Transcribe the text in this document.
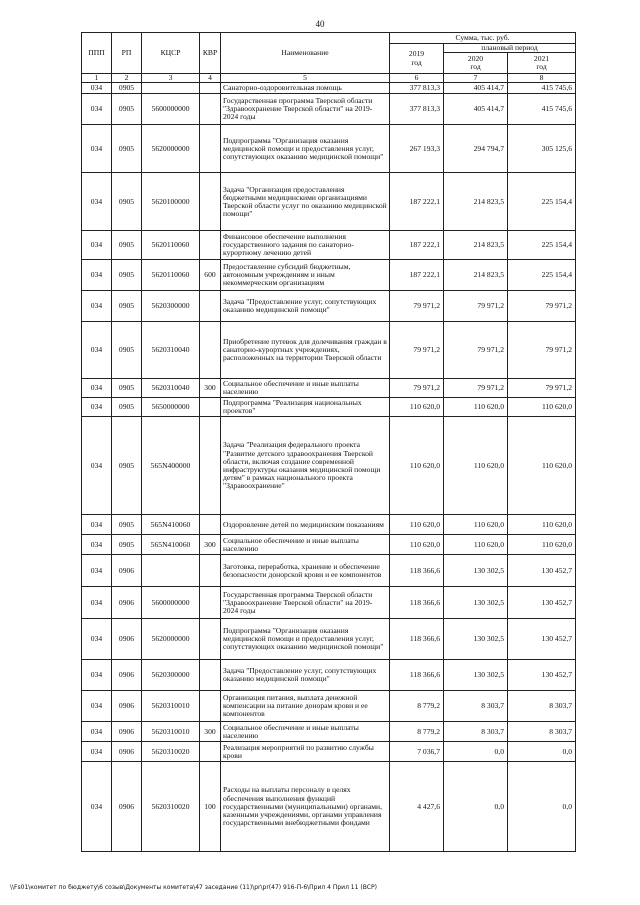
40
ППП	РП	КЦСР	КВР	Наименование	Сумма, тыс. руб.		
					2019
год	плановый период	
						2020
год	2021
год
1	2	3	4	5	6	7	8
034	0905			Санаторно-оздоровительная помощь	377 813,3	405 414,7	415 745,6
034	0905	5600000000		Государственная программа Тверской области "Здравоохранение Тверской области" на 2019-2024 годы	377 813,3	405 414,7	415 745,6
034	0905	5620000000		Подпрограмма "Организация оказания медицинской помощи и предоставления услуг, сопутствующих оказанию медицинской помощи"	267 193,3	294 794,7	305 125,6
034	0905	5620100000		Задача "Организация предоставления бюджетными медицинскими организациями Тверской области услуг по оказанию медицинской помощи"	187 222,1	214 823,5	225 154,4
034	0905	5620110060		Финансовое обеспечение выполнения государственного задания по санаторно-курортному лечению детей	187 222,1	214 823,5	225 154,4
034	0905	5620110060	600	Предоставление субсидий бюджетным, автономным учреждениям и иным некоммерческим организациям	187 222,1	214 823,5	225 154,4
034	0905	5620300000		Задача "Предоставление услуг, сопутствующих оказанию медицинской помощи"	79 971,2	79 971,2	79 971,2
034	0905	5620310040		Приобретение путевок для долечивания граждан в санаторно-курортных учреждениях, расположенных на территории Тверской области	79 971,2	79 971,2	79 971,2
034	0905	5620310040	300	Социальное обеспечение и иные выплаты населению	79 971,2	79 971,2	79 971,2
034	0905	5650000000		Подпрограмма "Реализация национальных проектов"	110 620,0	110 620,0	110 620,0
034	0905	565N400000		Задача "Реализация федерального проекта "Развитие детского здравоохранения Тверской области, включая создание современной инфраструктуры оказания медицинской помощи детям" в рамках национального проекта "Здравоохранение"	110 620,0	110 620,0	110 620,0
034	0905	565N410060		Оздоровление детей по медицинским показаниям	110 620,0	110 620,0	110 620,0
034	0905	565N410060	300	Социальное обеспечение и иные выплаты населению	110 620,0	110 620,0	110 620,0
034	0906			Заготовка, переработка, хранение и обеспечение безопасности донорской крови и ее компонентов	118 366,6	130 302,5	130 452,7
034	0906	5600000000		Государственная программа Тверской области "Здравоохранение Тверской области" на 2019-2024 годы	118 366,6	130 302,5	130 452,7
034	0906	5620000000		Подпрограмма "Организация оказания медицинской помощи и предоставления услуг, сопутствующих оказанию медицинской помощи"	118 366,6	130 302,5	130 452,7
034	0906	5620300000		Задача "Предоставление услуг, сопутствующих оказанию медицинской помощи"	118 366,6	130 302,5	130 452,7
034	0906	5620310010		Организация питания, выплата денежной компенсации на питание донорам крови и ее компонентов	8 779,2	8 303,7	8 303,7
034	0906	5620310010	300	Социальное обеспечение и иные выплаты населению	8 779,2	8 303,7	8 303,7
034	0906	5620310020		Реализация мероприятий по развитию службы крови	7 036,7	0,0	0,0
034	0906	5620310020	100	Расходы на выплаты персоналу в целях обеспечения выполнения функций государственными (муниципальными) органами, казенными учреждениями, органами управления государственными внебюджетными фондами	4 427,6	0,0	0,0
\\Fs01\комитет по бюджету\6 созыв\Документы комитета\47 заседание (11)\pr\pr(47) 916-П-6\Прил 4 Прил 11 (ВСР)
